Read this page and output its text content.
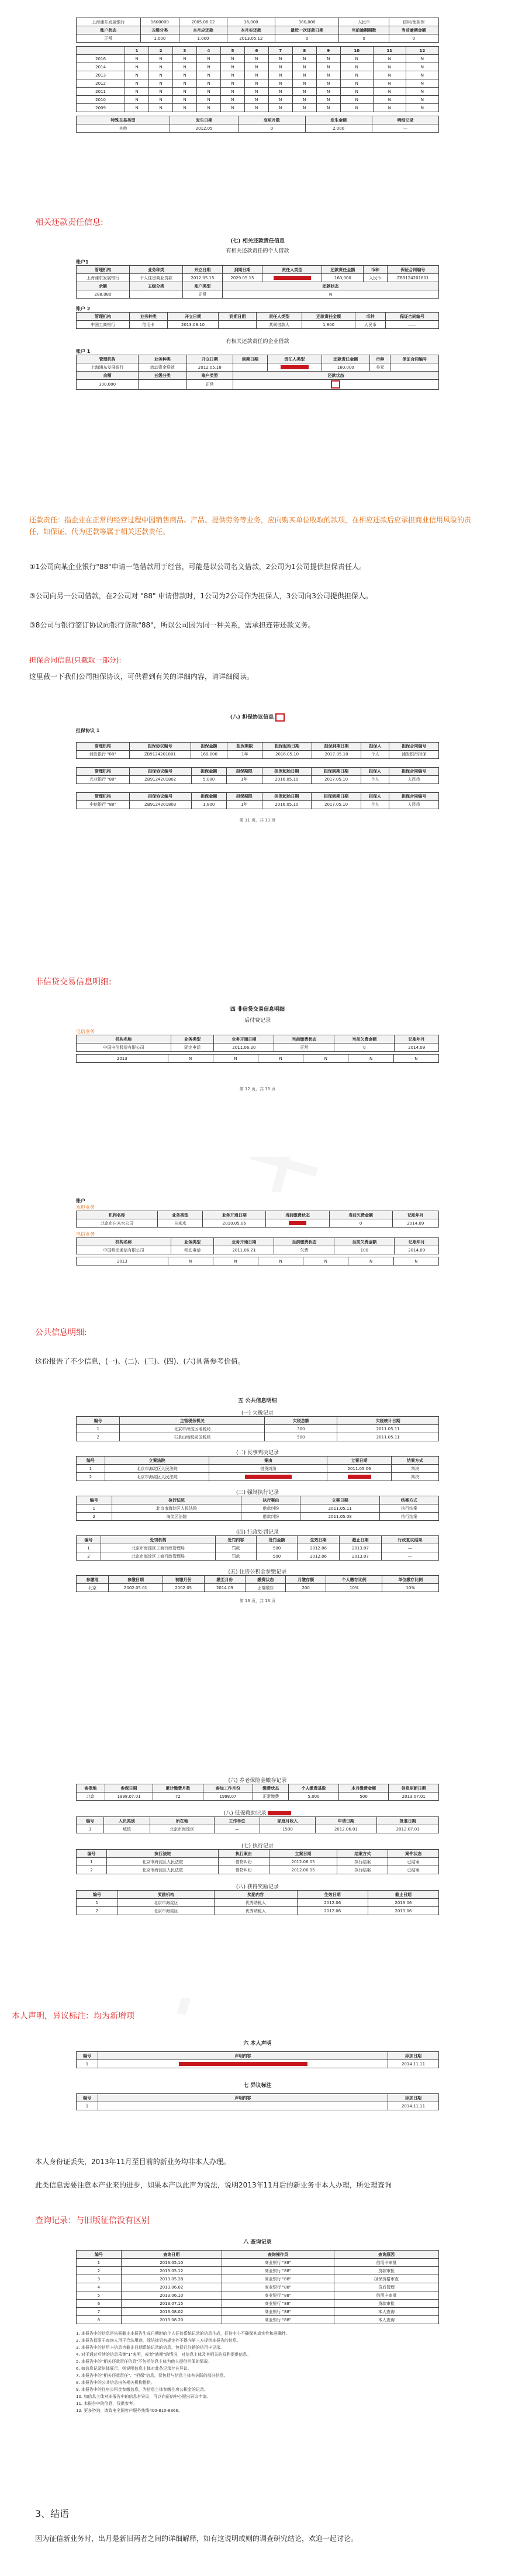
上海浦东发展银行	1600000	2005.06.12	16,000	380,000	人民币	信用/免担保
账户状态	五级分类	本月应还款	本月实还款	最近一次还款日期	当前逾期期数	当前逾期金额
正常	1,000	1,000	2013.05.12	0	0	0
	1	2	3	4	5	6	7	8	9	10	11	12
2016	N	N	N	N	N	N	N	N	N	N	N	N
2014	N	N	N	N	N	N	N	N	N	N	N	N
2013	N	N	N	N	N	N	N	N	N	N	N	N
2012	N	N	N	N	N	N	N	N	N	N	N	N
2011	N	N	N	N	N	N	N	N	N	N	N	N
2010	N	N	N	N	N	N	N	N	N	N	N	N
2009	N	N	N	N	N	N	N	N	N	N	N	N
特殊交易类型	发生日期	变更月数	发生金额	明细记录
其他	2012.05	0	2,000	—
相关还款责任信息:
(七) 相关还款责任信息
有相关还款责任的个人借款
账户1
管理机构	业务种类	开立日期	到期日期	责任人类型	还款责任金额	币种	保证合同编号
上海浦东发展银行	个人住房商业贷款	2012.05.15	2029.05.15		160,000	人民币	ZB9124201801
余额	五级分类	账户类型	还款状态				
288,080		正常	N				
账户 2
管理机构	业务种类	开立日期	到期日期	责任人类型	还款责任金额	币种	保证合同编号
中国工商银行	信用卡	2013.08.10		共同借款人	1,800	人民币	——
有相关还款责任的企业借款
账户 1
管理机构	业务种类	开立日期	到期日期	责任人类型	还款责任金额	币种	保证合同编号
上海浦东发展银行	流动资金贷款	2012.05.18			160,000	美元	
余额	五级分类	账户类型	还款状态				
300,000		正常					
还款责任：指企业在正常的经营过程中因销售商品、产品、提供劳务等业务，应向购买单位收取的款项，在相应还款后应承担商业信用风险的责任，如保证、代为还款等属于相关还款责任。
①1公司向某企业银行"88"申请一笔借款用于经营，可能是以公司名义借款，2公司为1公司提供担保责任人。
③公司向另一公司借款，在2公司对 "88" 申请借款时，1公司为2公司作为担保人，3公司向3公司提供担保人。
③8公司与银行签订协议向银行贷款"88"，所以公司因为同一种关系，需承担连带还款义务。
担保合同信息(只截取一部分):
这里截一下我们公司担保协议，可供看到有关的详细内容，请详细阅读。
(八) 担保协议信息
担保协议 1
管理机构	担保协议编号	担保金额	担保期限	担保起始日期	担保到期日期	担保人	担保合同编号
浦发银行 "88"	ZB9124201801	160,000	1年	2016.05.10	2017.05.10	个人	浦发银行担保
管理机构	担保协议编号	担保金额	担保期限	担保起始日期	担保到期日期	担保人	担保合同编号
兴业银行 "88"	ZB9124201802	5,000	1年	2016.05.10	2017.05.10	个人	人民币
管理机构	担保协议编号	担保金额	担保期限	担保起始日期	担保到期日期	担保人	担保合同编号
中信银行 "88"	ZB9124201803	1,800	1年	2016.05.10	2017.05.10	个人	人民币
第 11 页，共 13 页
非信贷交易信息明细:
四 非信贷交易信息明细
后付费记录
电信业务
机构名称	业务类型	业务开通日期	当前缴费状态	当前欠费金额	记账年月
中国电信股份有限公司	固定电话	2011.06.20	正常	0	2014.09
2013	N	N	N	N	N	N
第 12 页，共 13 页
账户
水电业务
机构名称	业务类型	业务开通日期	当前缴费状态	当前欠费金额	记账年月
北京市自来水公司	自来水	2010.05.06		0	2014.09
电信业务
机构名称	业务类型	业务开通日期	当前缴费状态	当前欠费金额	记账年月
中国移动通信有限公司	移动电话	2011.06.21	欠费	100	2014.09
2013	N	N	N	N	N	N
公共信息明细:
这份报告了不少信息，(一)、(二)、(三)、(四)、(六)具备参考价值。
五 公共信息明细
(一) 欠税记录
编号	主管税务机关	欠税总额	欠税统计日期
1	北京市海淀区地税局	300	2011.05.11
2	石景山地税局国税局	500	2011.05.11
(二) 民事判决记录
编号	立案法院	案由	立案日期	结案方式
1	北京市海淀区人民法院	借贷纠纷	2011.05.06	判决
2	北京市海淀区人民法院			判决
(三) 强制执行记录
编号	执行法院	执行案由	立案日期	结案方式
1	北京市海淀区人民法院	借款纠纷	2011.05.11	执行结案
2	海淀区法院	借款纠纷	2011.05.08	执行结案
(四) 行政处罚记录
编号	处罚机构	处罚内容	处罚金额	生效日期	截止日期	行政复议结果
1	北京市海淀区工商行政管理局	罚款	500	2012.06	2013.07	—
2	北京市海淀区工商行政管理局	罚款	500	2012.06	2013.07	—
(五) 住房公积金参缴记录
参缴地	参缴日期	初缴月份	缴至月份	缴费状态	月缴存额	个人缴存比例	单位缴存比例
北京	2002.05.01	2002.05	2014.09	正常缴存	200	10%	10%
第 13 页，共 13 页
(六) 养老保险金缴存记录
参保地	参保日期	累计缴费月数	参加工作月份	缴费状态	个人缴费基数	本月缴费金额	信息更新日期
北京	1998.07.01	72	1998.07	正常缴费	5,000	500	2013.07.01
(八) 低保救助记录
编号	人员类别	所在地	工作单位	家庭月收入	申请日期	批准日期
1	城镇	北京市海淀区	—	1500	2012.06.01	2012.07.01
(七) 执行记录
编号	执行法院	执行案由	立案日期	结案方式	案件状态
1	北京市海淀区人民法院	借贷纠纷	2012.06.05	执行结案	已结案
2	北京市海淀区人民法院	借贷纠纷	2012.06.05	执行结案	已结案
(八) 获得奖励记录
编号	奖励机构	奖励内容	生效日期	截止日期
1	北京市海淀区	优秀纳税人	2012.06	2013.06
2	北京市海淀区	优秀纳税人	2012.06	2013.06
本人声明，异议标注：均为新增项
六 本人声明
编号	声明内容	添加日期
1		2014.11.11
七 异议标注
编号	声明内容	添加日期
1		2014.11.11
本人身份证丢失，2013年11月至目前的新业务均非本人办理。
此类信息需要注意本产业来的进步，如果本产以此声为说法，说明2013年11月后的新业务非本人办理，所处理查询
查询记录：与旧版征信没有区别
八 查询记录
编号	查询日期	查询操作员	查询原因
1	2013.05.10	商业银行 "88"	信用卡审批
2	2013.05.12	商业银行 "88"	贷款审批
3	2013.05.28	商业银行 "88"	担保资格审查
4	2013.06.02	商业银行 "88"	贷后管理
5	2013.06.10	商业银行 "88"	信用卡审批
6	2013.07.15	商业银行 "88"	贷款审批
7	2013.08.02	商业银行 "88"	本人查询
8	2013.08.20	商业银行 "88"	本人查询
1. 本报告中的信息是依据截止本报告生成日期时的个人征信系统记录的信息生成，征信中心不确保其真实性和准确性。
2. 本报告仅限于查询人用于合法用途，除法律另有规定外不得向第三方提供本报告的信息。
3. 本报告中的信用卡信息为截止日期系统记录的信息，包括已注销的信用卡记录。
4. 对于通过后续的信息采集"1"表明，或者"逾期"的情况，对信息主体及其相关的权利提供信息。
5. 本报告中的"相关还款责任信息"不包括信息主体为他人提供担保的情况。
6. 如信息记录斜体展示，则说明信息主体对此条记录存在异议。
7. 本报告中的"相关还款责任"、"担保"信息，仅包括与信息主体有关联的部分信息。
8. 本报告中的公共信息由各相关机构提供。
9. 本报告中的住房公积金参缴信息，为信息主体参缴住房公积金的记录。
10. 如信息主体对本报告中的信息有异议，可以向征信中心提出异议申请。
11. 本报告中的信息，仅供参考。
12. 更多咨询，请致电全国客户服务热线400-810-8866。
3、结语
因为征信新业务时，出月是新旧两者之间的详细解释，如有这说明或则的调查研究结论，欢迎一起讨论。
